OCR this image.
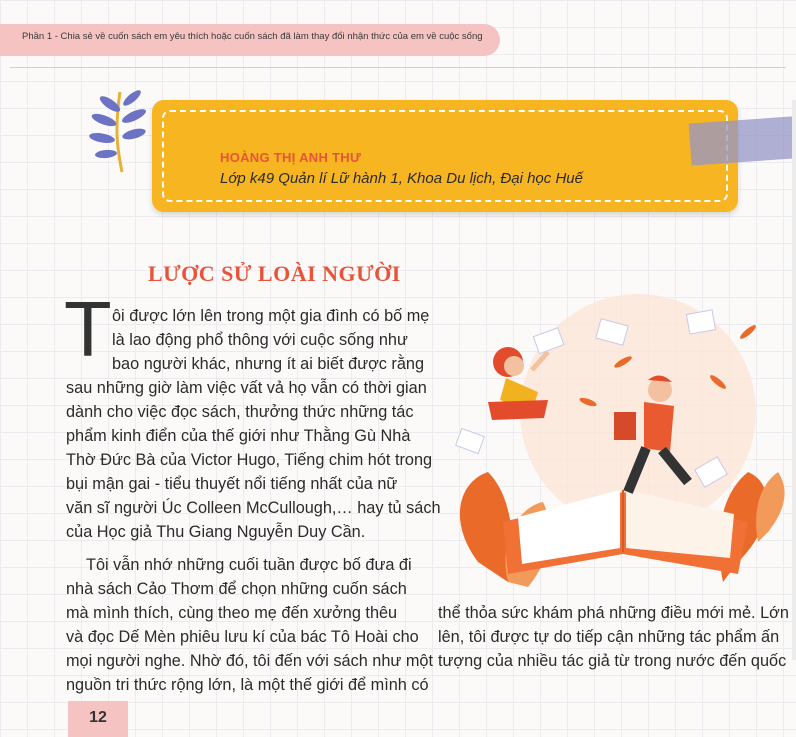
Phần 1 - Chia sẻ về cuốn sách em yêu thích hoặc cuốn sách đã làm thay đổi nhận thức của em về cuộc sống
HOÀNG THỊ ANH THƯ
Lớp k49 Quản lí Lữ hành 1, Khoa Du lịch, Đại học Huế
LƯỢC SỬ LOÀI NGƯỜI
T ôi được lớn lên trong một gia đình có bố mẹ
là lao động phổ thông với cuộc sống như
bao người khác, nhưng ít ai biết được rằng
sau những giờ làm việc vất vả họ vẫn có thời gian
dành cho việc đọc sách, thưởng thức những tác
phẩm kinh điển của thế giới như Thằng Gù Nhà
Thờ Đức Bà của Victor Hugo, Tiếng chim hót trong
bụi mận gai - tiểu thuyết nổi tiếng nhất của nữ
văn sĩ người Úc Colleen McCullough,… hay tủ sách
của Học giả Thu Giang Nguyễn Duy Cần.
Tôi vẫn nhớ những cuối tuần được bố đưa đi
nhà sách Cảo Thơm để chọn những cuốn sách
mà mình thích, cùng theo mẹ đến xưởng thêu
và đọc Dế Mèn phiêu lưu kí của bác Tô Hoài cho
mọi người nghe. Nhờ đó, tôi đến với sách như một
nguồn tri thức rộng lớn, là một thế giới để mình có
thể thỏa sức khám phá những điều mới mẻ. Lớn
lên, tôi được tự do tiếp cận những tác phẩm ấn
tượng của nhiều tác giả từ trong nước đến quốc
12
